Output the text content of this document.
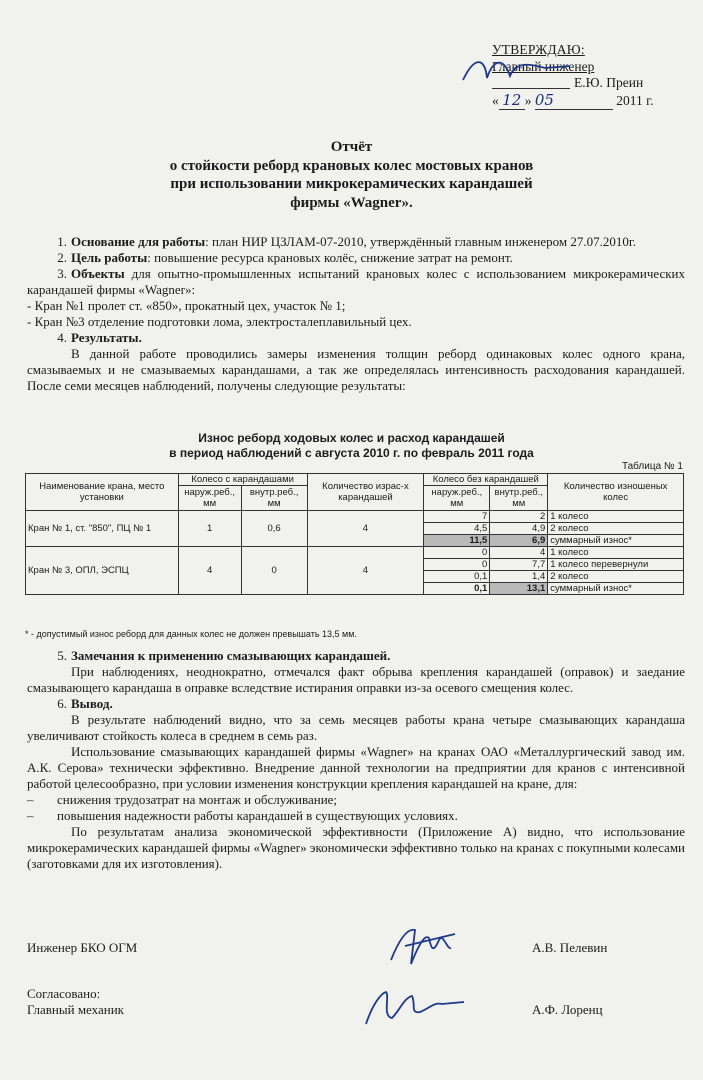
УТВЕРЖДАЮ:
Главный инженер
Е.Ю. Преин
« 12 » 05	2011 г.
Отчёт
о стойкости реборд крановых колес мостовых кранов
при использовании микрокерамических карандашей
фирмы «Wagner».
1. Основание для работы: план НИР ЦЗЛАМ-07-2010, утверждённый главным инженером 27.07.2010г.
2. Цель работы: повышение ресурса крановых колёс, снижение затрат на ремонт.
3. Объекты для опытно-промышленных испытаний крановых колес с использованием микрокерамических карандашей фирмы «Wagner»:
- Кран №1 пролет ст. «850», прокатный цех, участок № 1;
- Кран №3 отделение подготовки лома, электросталеплавильный цех.
4. Результаты.
В данной работе проводились замеры изменения толщин реборд одинаковых колес одного крана, смазываемых и не смазываемых карандашами, а так же определялась интенсивность расходования карандашей. После семи месяцев наблюдений, получены следующие результаты:
Износ реборд ходовых колес и расход карандашей
в период наблюдений с августа 2010 г. по февраль 2011 года
Таблица № 1
Наименование крана, место установки	Колесо с карандашами		Количество израс-х карандашей	Колесо без карандашей		Количество изношеных колес
	наруж.реб., мм	внутр.реб., мм		наруж.реб., мм	внутр.реб., мм	
Кран № 1, ст. "850", ПЦ № 1	1	0,6	4	7	2	1 колесо
				4,5	4,9	2 колесо
				11,5	6,9	суммарный износ*
Кран № 3, ОПЛ, ЭСПЦ	4	0	4	0	4	1 колесо
				0	7,7	1 колесо перевернули
				0,1	1,4	2 колесо
				0,1	13,1	суммарный износ*
* - допустимый износ реборд для данных колес не должен превышать 13,5 мм.
5. Замечания к применению смазывающих карандашей.
При наблюдениях, неоднократно, отмечался факт обрыва крепления карандашей (оправок) и заедание смазывающего карандаша в оправке вследствие истирания оправки из-за осевого смещения колес.
6. Вывод.
В результате наблюдений видно, что за семь месяцев работы крана четыре смазывающих карандаша увеличивают стойкость колеса в среднем в семь раз.
Использование смазывающих карандашей фирмы «Wagner» на кранах ОАО «Металлургический завод им. А.К. Серова» технически эффективно. Внедрение данной технологии на предприятии для кранов с интенсивной работой целесообразно, при условии изменения конструкции крепления карандашей на кране, для:
– снижения трудозатрат на монтаж и обслуживание;
– повышения надежности работы карандашей в существующих условиях.
По результатам анализа экономической эффективности (Приложение А) видно, что использование микрокерамических карандашей фирмы «Wagner» экономически эффективно только на кранах с покупными колесами (заготовками для их изготовления).
Инженер БКО ОГМ	А.В. Пелевин
Согласовано:
Главный механик	А.Ф. Лоренц
